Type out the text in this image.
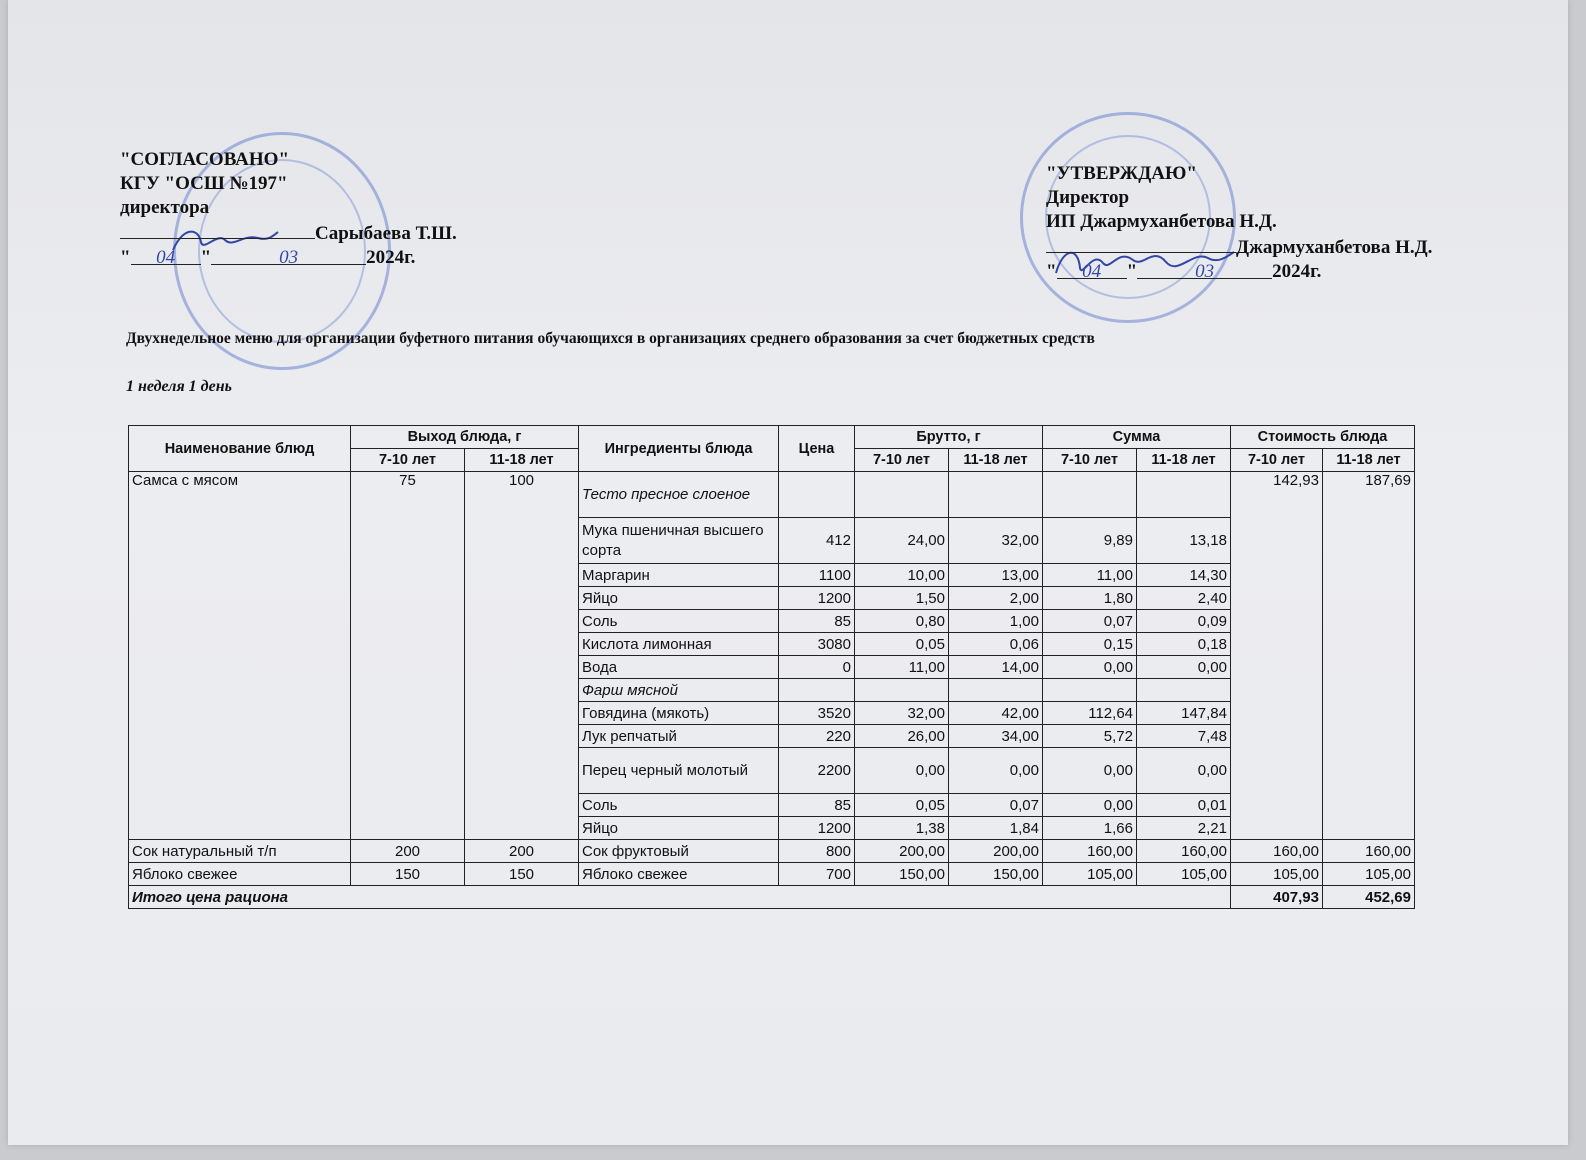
"СОГЛАСОВАНО"
КГУ "ОСШ №197"
директора
Сарыбаева Т.Ш.
" 04 "	03	2024г.
"УТВЕРЖДАЮ"
Директор
ИП Джармуханбетова Н.Д.
Джармуханбетова Н.Д.
" 04 "	03	2024г.
Двухнедельное меню для организации буфетного питания обучающихся в организациях среднего образования за счет бюджетных средств
1 неделя 1 день
Наименование блюд	Выход блюда, г		Ингредиенты блюда	Цена	Брутто, г		Сумма		Стоимость блюда	
	7-10 лет	11-18 лет			7-10 лет	11-18 лет	7-10 лет	11-18 лет	7-10 лет	11-18 лет
Самса с мясом	75	100	Тесто пресное слоеное						142,93	187,69
			Мука пшеничная высшего сорта	412	24,00	32,00	9,89	13,18		
			Маргарин	1100	10,00	13,00	11,00	14,30		
			Яйцо	1200	1,50	2,00	1,80	2,40		
			Соль	85	0,80	1,00	0,07	0,09		
			Кислота лимонная	3080	0,05	0,06	0,15	0,18		
			Вода	0	11,00	14,00	0,00	0,00		
			Фарш мясной							
			Говядина (мякоть)	3520	32,00	42,00	112,64	147,84		
			Лук репчатый	220	26,00	34,00	5,72	7,48		
			Перец черный молотый	2200	0,00	0,00	0,00	0,00		
			Соль	85	0,05	0,07	0,00	0,01		
			Яйцо	1200	1,38	1,84	1,66	2,21		
Сок натуральный т/п	200	200	Сок фруктовый	800	200,00	200,00	160,00	160,00	160,00	160,00
Яблоко свежее	150	150	Яблоко свежее	700	150,00	150,00	105,00	105,00	105,00	105,00
Итого цена рациона									407,93	452,69
